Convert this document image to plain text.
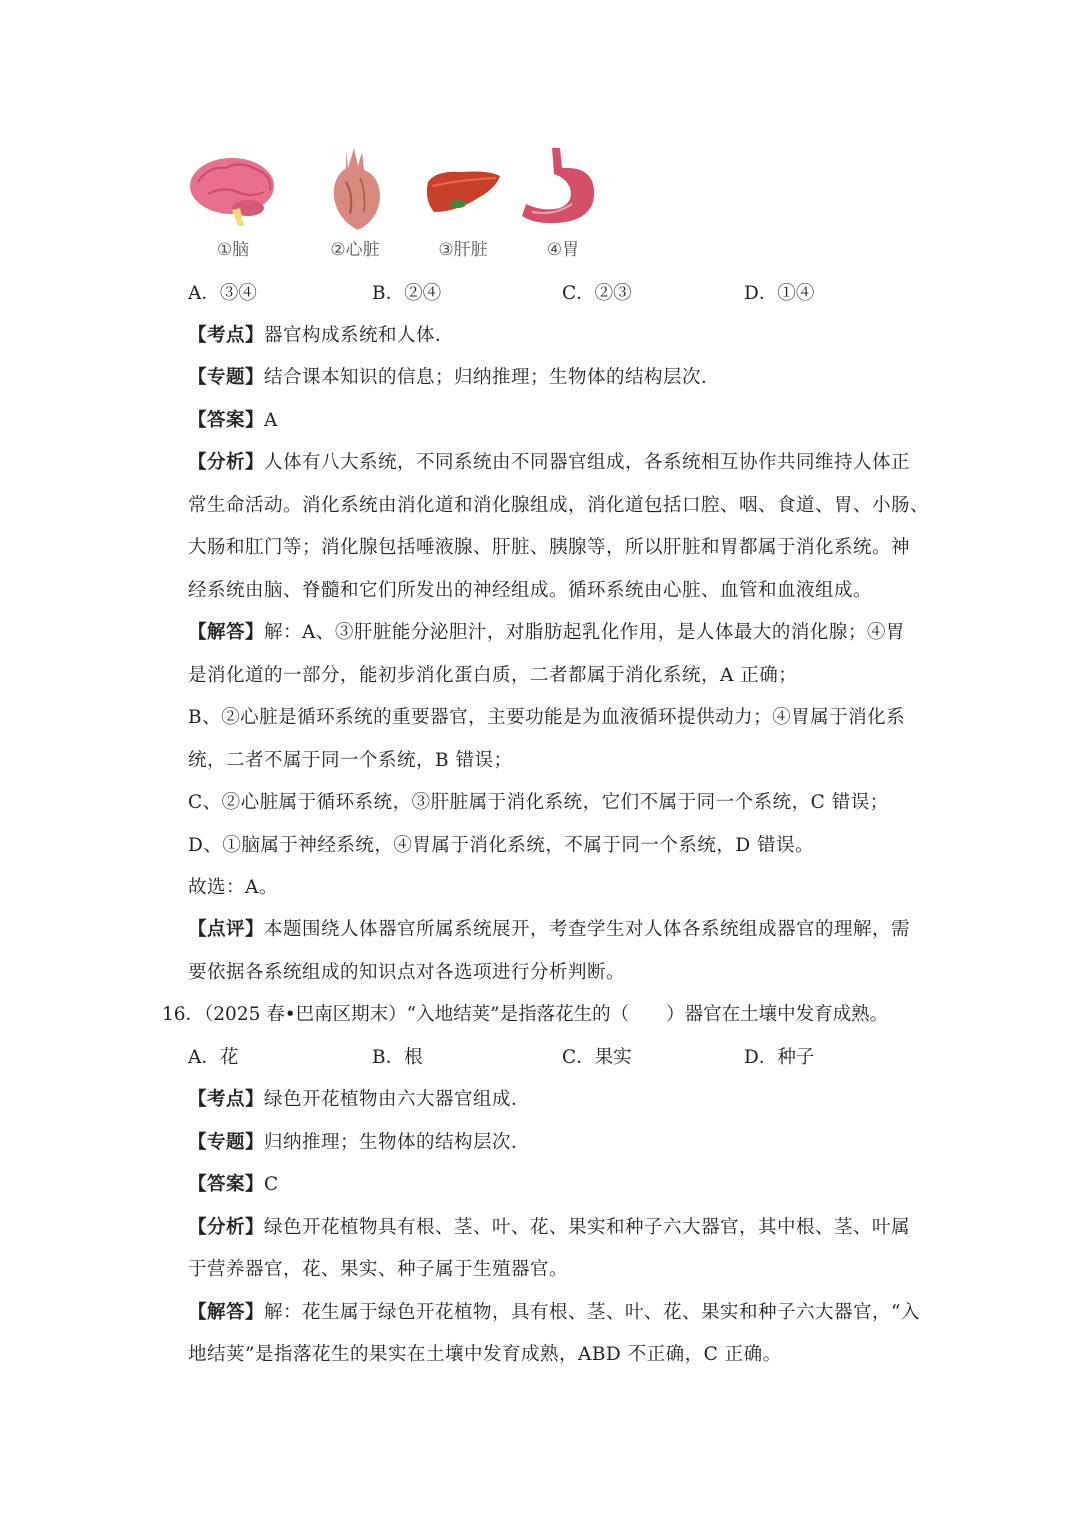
①脑	②心脏	③肝脏	④胃
A．③④	B．②④	C．②③	D．①④
【考点】器官构成系统和人体．
【专题】结合课本知识的信息；归纳推理；生物体的结构层次．
【答案】A
【分析】人体有八大系统，不同系统由不同器官组成，各系统相互协作共同维持人体正
常生命活动。消化系统由消化道和消化腺组成，消化道包括口腔、咽、食道、胃、小肠、
大肠和肛门等；消化腺包括唾液腺、肝脏、胰腺等，所以肝脏和胃都属于消化系统。神
经系统由脑、脊髓和它们所发出的神经组成。循环系统由心脏、血管和血液组成。
【解答】解：A、③肝脏能分泌胆汁，对脂肪起乳化作用，是人体最大的消化腺；④胃
是消化道的一部分，能初步消化蛋白质，二者都属于消化系统，A 正确；
B、②心脏是循环系统的重要器官，主要功能是为血液循环提供动力；④胃属于消化系
统，二者不属于同一个系统，B 错误；
C、②心脏属于循环系统，③肝脏属于消化系统，它们不属于同一个系统，C 错误；
D、①脑属于神经系统，④胃属于消化系统，不属于同一个系统，D 错误。
故选：A。
【点评】本题围绕人体器官所属系统展开，考查学生对人体各系统组成器官的理解，需
要依据各系统组成的知识点对各选项进行分析判断。
16．（2025 春•巴南区期末）“入地结荚”是指落花生的（　　）器官在土壤中发育成熟。
A．花	B．根	C．果实	D．种子
【考点】绿色开花植物由六大器官组成．
【专题】归纳推理；生物体的结构层次．
【答案】C
【分析】绿色开花植物具有根、茎、叶、花、果实和种子六大器官，其中根、茎、叶属
于营养器官，花、果实、种子属于生殖器官。
【解答】解：花生属于绿色开花植物，具有根、茎、叶、花、果实和种子六大器官，“入
地结荚”是指落花生的果实在土壤中发育成熟，ABD 不正确，C 正确。
